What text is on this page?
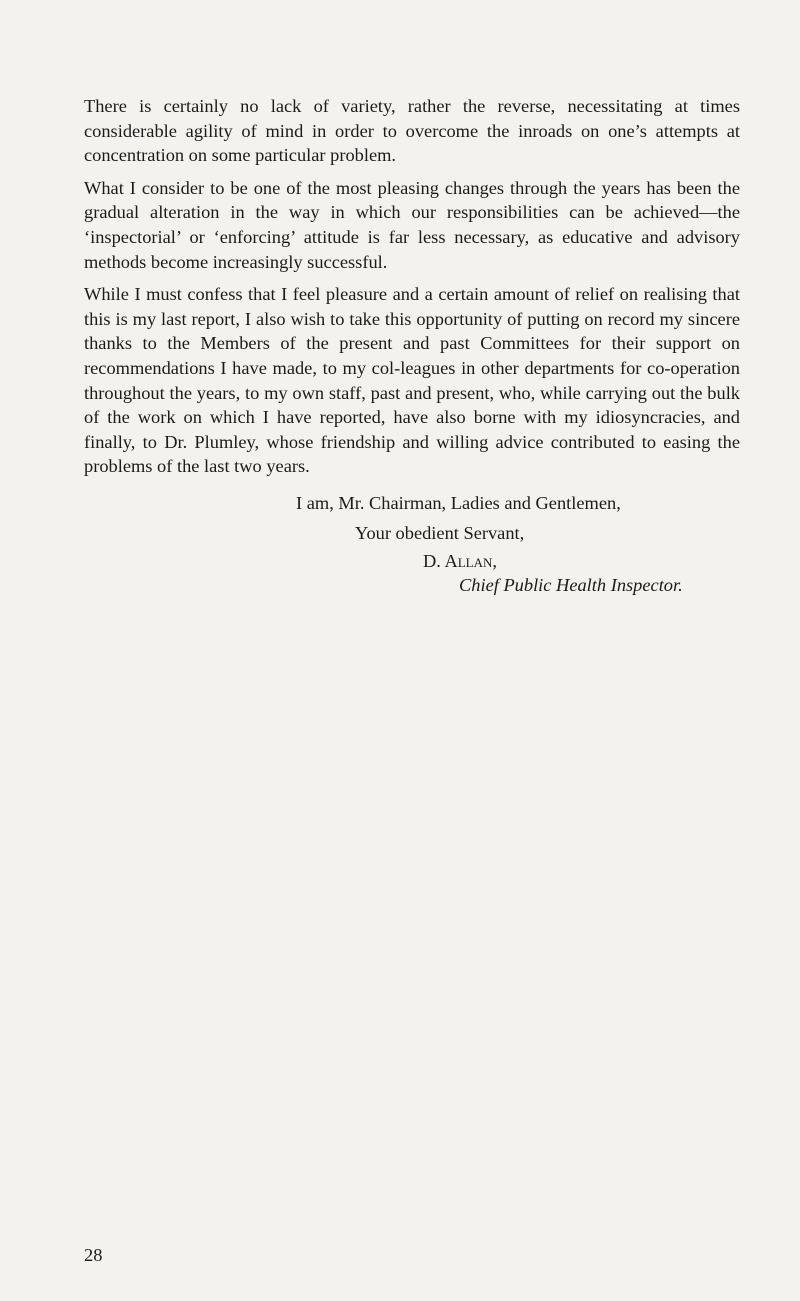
There is certainly no lack of variety, rather the reverse, necessitating at times considerable agility of mind in order to overcome the inroads on one’s attempts at concentration on some particular problem.

What I consider to be one of the most pleasing changes through the years has been the gradual alteration in the way in which our responsibilities can be achieved—the ‘inspectorial’ or ‘enforcing’ attitude is far less necessary, as educative and advisory methods become increasingly successful.

While I must confess that I feel pleasure and a certain amount of relief on realising that this is my last report, I also wish to take this opportunity of putting on record my sincere thanks to the Members of the present and past Committees for their support on recommendations I have made, to my col-leagues in other departments for co-operation throughout the years, to my own staff, past and present, who, while carrying out the bulk of the work on which I have reported, have also borne with my idiosyncracies, and finally, to Dr. Plumley, whose friendship and willing advice contributed to easing the problems of the last two years.

I am, Mr. Chairman, Ladies and Gentlemen,
Your obedient Servant,
D. Allan,
Chief Public Health Inspector.
28
